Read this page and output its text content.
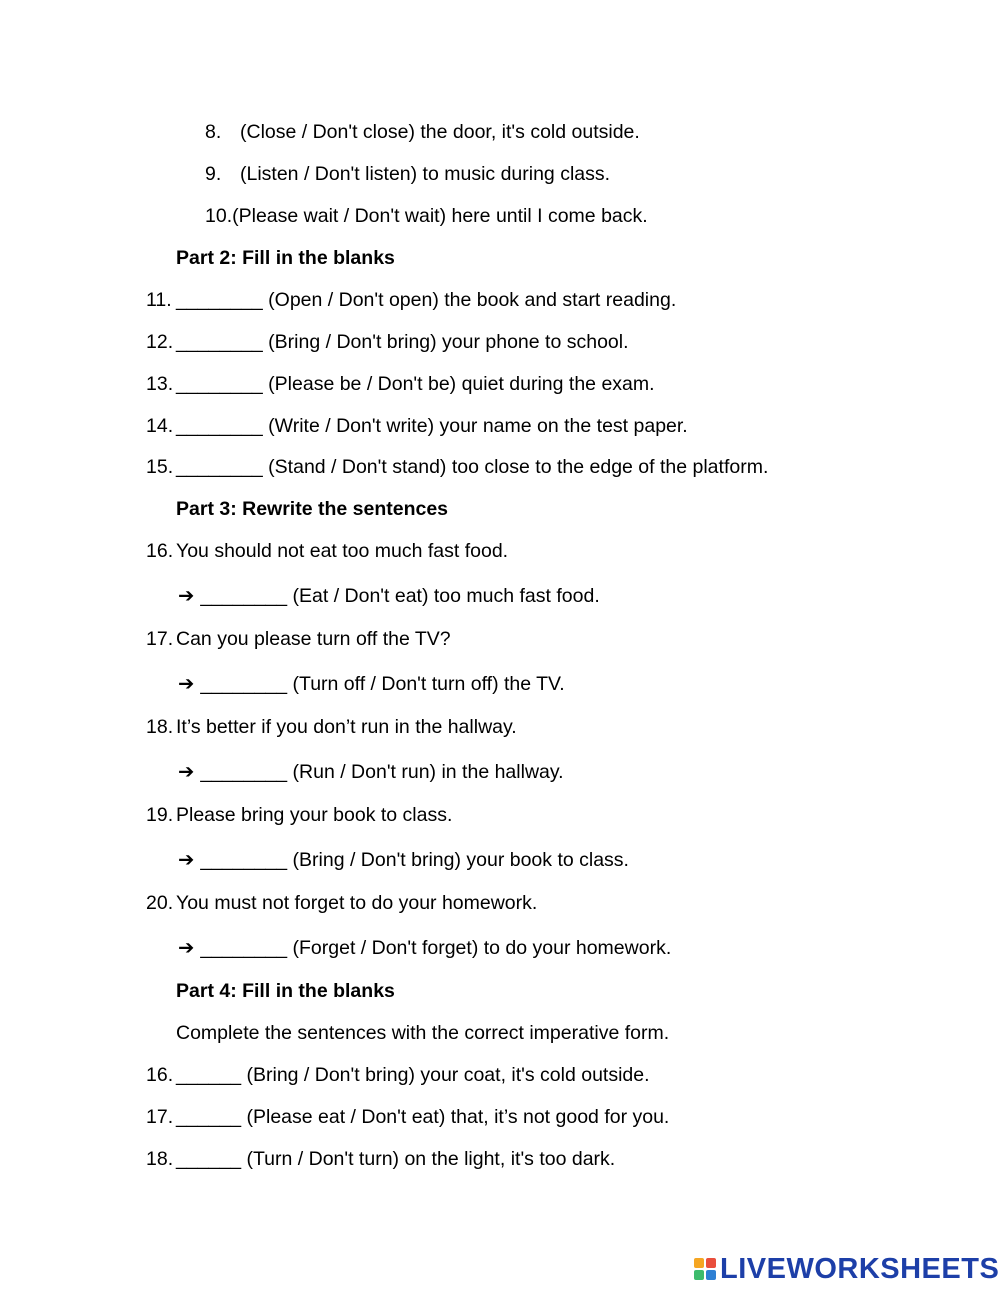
8. (Close / Don't close) the door, it's cold outside.
9. (Listen / Don't listen) to music during class.
10.(Please wait / Don't wait) here until I come back.
Part 2: Fill in the blanks
11. ________ (Open / Don't open) the book and start reading.
12. ________ (Bring / Don't bring) your phone to school.
13. ________ (Please be / Don't be) quiet during the exam.
14. ________ (Write / Don't write) your name on the test paper.
15. ________ (Stand / Don't stand) too close to the edge of the platform.
Part 3: Rewrite the sentences
16. You should not eat too much fast food.
➔ ________ (Eat / Don't eat) too much fast food.
17. Can you please turn off the TV?
➔ ________ (Turn off / Don't turn off) the TV.
18. It’s better if you don’t run in the hallway.
➔ ________ (Run / Don't run) in the hallway.
19. Please bring your book to class.
➔ ________ (Bring / Don't bring) your book to class.
20. You must not forget to do your homework.
➔ ________ (Forget / Don't forget) to do your homework.
Part 4: Fill in the blanks
Complete the sentences with the correct imperative form.
16. ______ (Bring / Don't bring) your coat, it's cold outside.
17. ______ (Please eat / Don't eat) that, it’s not good for you.
18. ______ (Turn / Don't turn) on the light, it's too dark.
LIVEWORKSHEETS
